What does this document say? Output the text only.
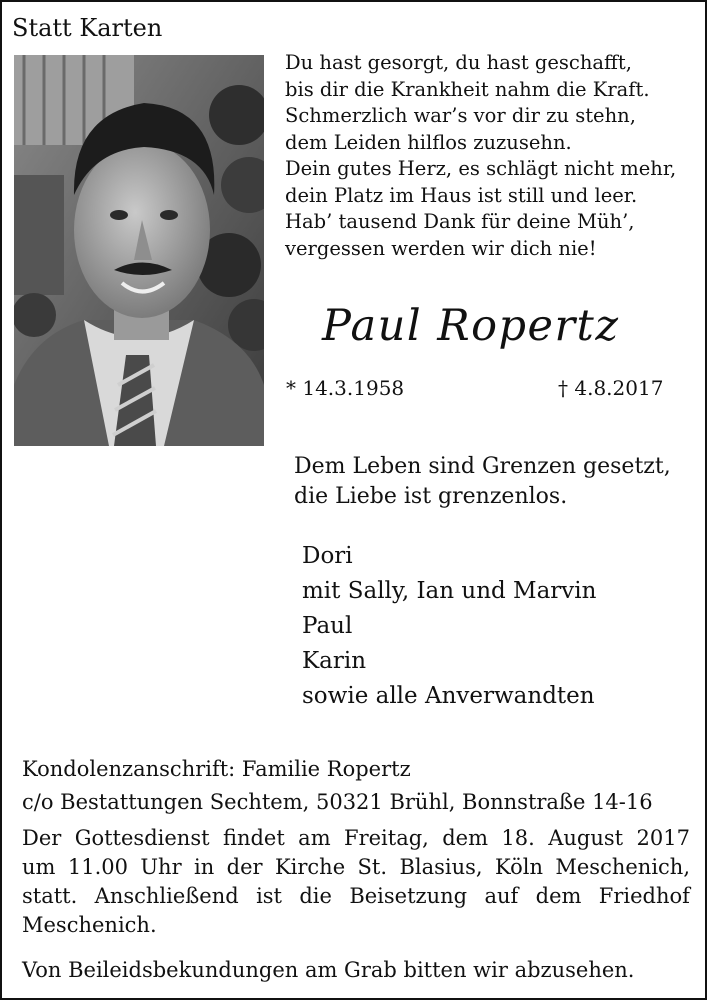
Statt Karten
Du hast gesorgt, du hast geschafft,
bis dir die Krankheit nahm die Kraft.
Schmerzlich war’s vor dir zu stehn,
dem Leiden hilflos zuzusehn.
Dein gutes Herz, es schlägt nicht mehr,
dein Platz im Haus ist still und leer.
Hab’ tausend Dank für deine Müh’,
vergessen werden wir dich nie!
Paul Ropertz
* 14.3.1958	† 4.8.2017
Dem Leben sind Grenzen gesetzt,
die Liebe ist grenzenlos.
Dori
mit Sally, Ian und Marvin
Paul
Karin
sowie alle Anverwandten
Kondolenzanschrift: Familie Ropertz
c/o Bestattungen Sechtem, 50321 Brühl, Bonnstraße 14-16
Der Gottesdienst findet am Freitag, dem 18. August 2017
um 11.00 Uhr in der Kirche St. Blasius, Köln Meschenich,
statt. Anschließend ist die Beisetzung auf dem Friedhof
Meschenich.
Von Beileidsbekundungen am Grab bitten wir abzusehen.
